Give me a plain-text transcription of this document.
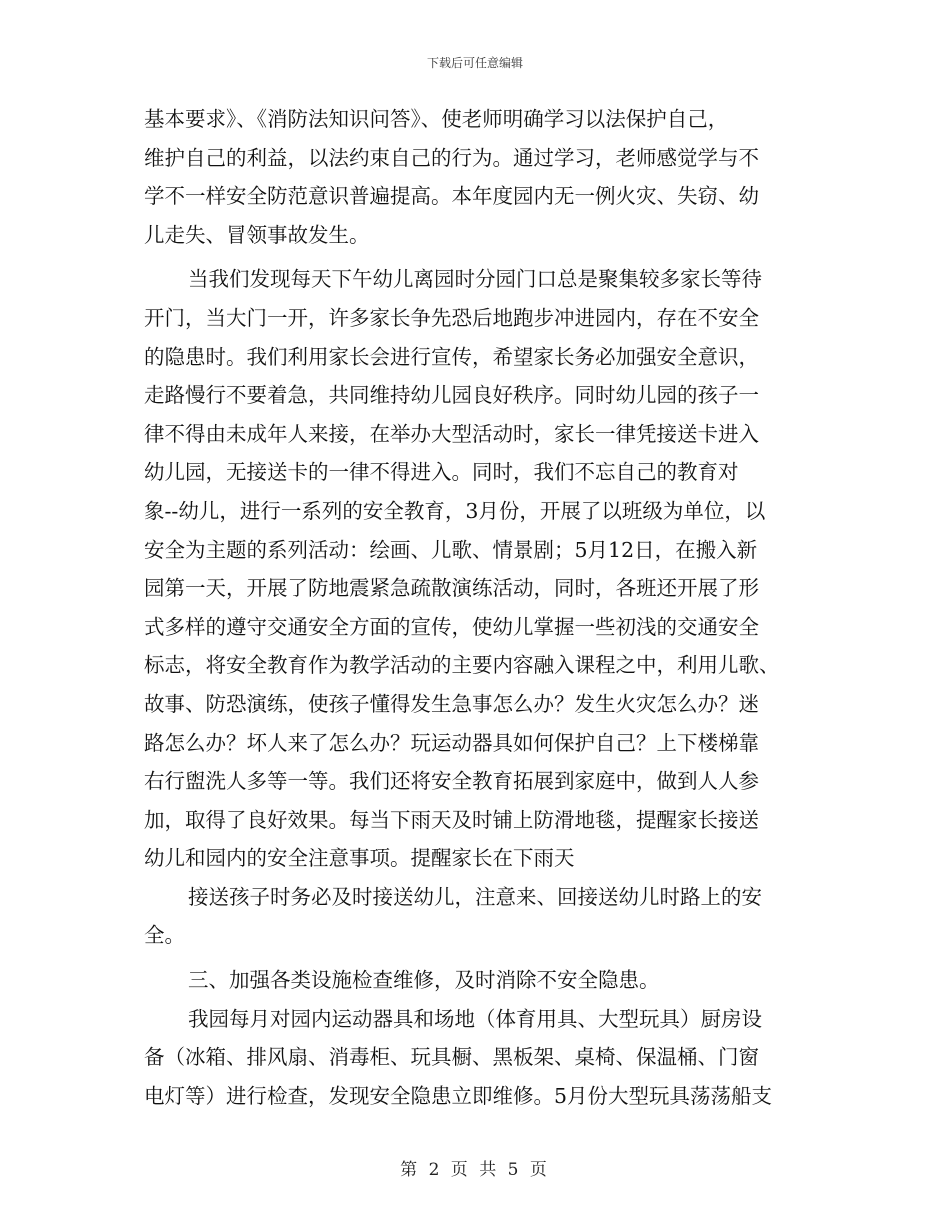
下载后可任意编辑
基本要求》、《消防法知识问答》、使老师明确学习以法保护自己，
维护自己的利益，以法约束自己的行为。通过学习，老师感觉学与不
学不一样安全防范意识普遍提高。本年度园内无一例火灾、失窃、幼
儿走失、冒领事故发生。
当我们发现每天下午幼儿离园时分园门口总是聚集较多家长等待
开门，当大门一开，许多家长争先恐后地跑步冲进园内，存在不安全
的隐患时。我们利用家长会进行宣传，希望家长务必加强安全意识，
走路慢行不要着急，共同维持幼儿园良好秩序。同时幼儿园的孩子一
律不得由未成年人来接，在举办大型活动时，家长一律凭接送卡进入
幼儿园，无接送卡的一律不得进入。同时，我们不忘自己的教育对
象--幼儿，进行一系列的安全教育，3月份，开展了以班级为单位，以
安全为主题的系列活动：绘画、儿歌、情景剧；5月12日，在搬入新
园第一天，开展了防地震紧急疏散演练活动，同时，各班还开展了形
式多样的遵守交通安全方面的宣传，使幼儿掌握一些初浅的交通安全
标志，将安全教育作为教学活动的主要内容融入课程之中，利用儿歌、
故事、防恐演练，使孩子懂得发生急事怎么办？发生火灾怎么办？迷
路怎么办？坏人来了怎么办？玩运动器具如何保护自己？上下楼梯靠
右行盥洗人多等一等。我们还将安全教育拓展到家庭中，做到人人参
加，取得了良好效果。每当下雨天及时铺上防滑地毯，提醒家长接送
幼儿和园内的安全注意事项。提醒家长在下雨天
接送孩子时务必及时接送幼儿，注意来、回接送幼儿时路上的安
全。
三、加强各类设施检查维修，及时消除不安全隐患。
我园每月对园内运动器具和场地（体育用具、大型玩具）厨房设
备（冰箱、排风扇、消毒柜、玩具橱、黑板架、桌椅、保温桶、门窗
电灯等）进行检查，发现安全隐患立即维修。5月份大型玩具荡荡船支
第 2 页 共 5 页
